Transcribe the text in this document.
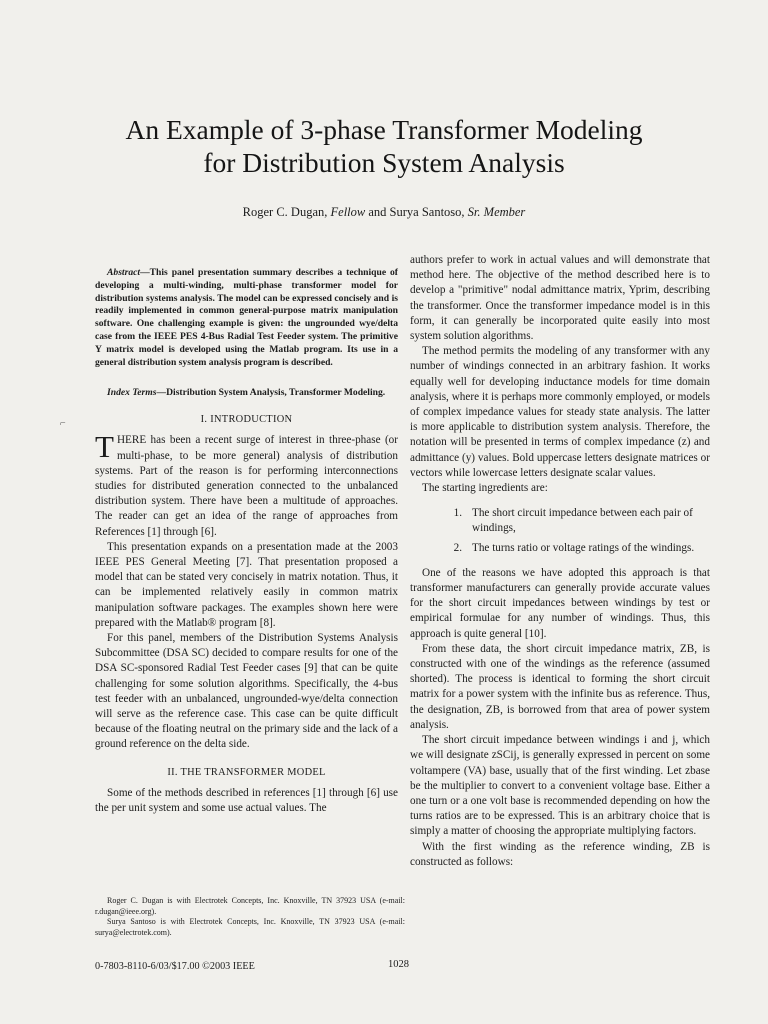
An Example of 3-phase Transformer Modeling
for Distribution System Analysis
Roger C. Dugan, Fellow and Surya Santoso, Sr. Member
⌐

Abstract—This panel presentation summary describes a technique of developing a multi-winding, multi-phase transformer model for distribution systems analysis. The model can be expressed concisely and is readily implemented in common general-purpose matrix manipulation software. One challenging example is given: the ungrounded wye/delta case from the IEEE PES 4-Bus Radial Test Feeder system. The primitive Y matrix model is developed using the Matlab program. Its use in a general distribution system analysis program is described.

Index Terms—Distribution System Analysis, Transformer Modeling.

I. INTRODUCTION

THERE has been a recent surge of interest in three-phase (or multi-phase, to be more general) analysis of distribution systems. Part of the reason is for performing interconnections studies for distributed generation connected to the unbalanced distribution system. There have been a multitude of approaches. The reader can get an idea of the range of approaches from References [1] through [6].

This presentation expands on a presentation made at the 2003 IEEE PES General Meeting [7]. That presentation proposed a model that can be stated very concisely in matrix notation. Thus, it can be implemented relatively easily in common matrix manipulation software packages. The examples shown here were prepared with the Matlab® program [8].

For this panel, members of the Distribution Systems Analysis Subcommittee (DSA SC) decided to compare results for one of the DSA SC-sponsored Radial Test Feeder cases [9] that can be quite challenging for some solution algorithms. Specifically, the 4-bus test feeder with an unbalanced, ungrounded-wye/delta connection will serve as the reference case. This case can be quite difficult because of the floating neutral on the primary side and the lack of a ground reference on the delta side.

II. THE TRANSFORMER MODEL

Some of the methods described in references [1] through [6] use the per unit system and some use actual values. The

authors prefer to work in actual values and will demonstrate that method here. The objective of the method described here is to develop a "primitive" nodal admittance matrix, Yprim, describing the transformer. Once the transformer impedance model is in this form, it can generally be incorporated quite easily into most system solution algorithms.

The method permits the modeling of any transformer with any number of windings connected in an arbitrary fashion. It works equally well for developing inductance models for time domain analysis, where it is perhaps more commonly employed, or models of complex impedance values for steady state analysis. The latter is more applicable to distribution system analysis. Therefore, the notation will be presented in terms of complex impedance (z) and admittance (y) values. Bold uppercase letters designate matrices or vectors while lowercase letters designate scalar values.

The starting ingredients are:

1. The short circuit impedance between each pair of windings,
2. The turns ratio or voltage ratings of the windings.

One of the reasons we have adopted this approach is that transformer manufacturers can generally provide accurate values for the short circuit impedances between windings by test or empirical formulae for any number of windings. Thus, this approach is quite general [10].

From these data, the short circuit impedance matrix, ZB, is constructed with one of the windings as the reference (assumed shorted). The process is identical to forming the short circuit matrix for a power system with the infinite bus as reference. Thus, the designation, ZB, is borrowed from that area of power system analysis.

The short circuit impedance between windings i and j, which we will designate zSCij, is generally expressed in percent on some voltampere (VA) base, usually that of the first winding. Let zbase be the multiplier to convert to a convenient voltage base. Either a one turn or a one volt base is recommended depending on how the turns ratios are to be expressed. This is an arbitrary choice that is simply a matter of choosing the appropriate multiplying factors.

With the first winding as the reference winding, ZB is constructed as follows:

Roger C. Dugan is with Electrotek Concepts, Inc. Knoxville, TN 37923 USA (e-mail: r.dugan@ieee.org).

Surya Santoso is with Electrotek Concepts, Inc. Knoxville, TN 37923 USA (e-mail: surya@electrotek.com).

0-7803-8110-6/03/$17.00 ©2003 IEEE	1028
